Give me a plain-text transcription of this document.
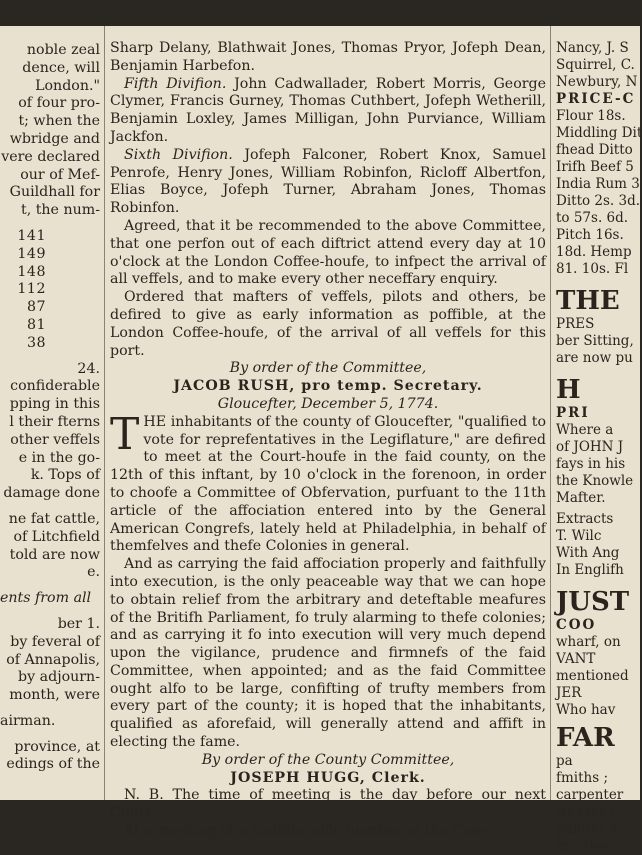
noble zeal
dence, will
London."
of four pro-
t; when the
wbridge and
vere declared
our of Mef-
Guildhall for
t, the num-
141
149
148
112
87
81
38
24.
confiderable
pping in this
l their fterns
other veffels
e in the go-
k. Tops of
damage done
ne fat cattle,
of Litchfield
told are now
e.
ents from all
ber 1.
by feveral of
of Annapolis,
by adjourn-
month, were
airman.
province, at
edings of the

Sharp Delany, Blathwait Jones, Thomas Pryor, Jofeph Dean, Benjamin Harbefon.

Fifth Divifion. John Cadwallader, Robert Morris, George Clymer, Francis Gurney, Thomas Cuthbert, Jofeph Wetherill, Benjamin Loxley, James Milligan, John Purviance, William Jackfon.

Sixth Divifion. Jofeph Falconer, Robert Knox, Samuel Penrofe, Henry Jones, William Robinfon, Ricloff Albertfon, Elias Boyce, Jofeph Turner, Abraham Jones, Thomas Robinfon.

Agreed, that it be recommended to the above Committee, that one perfon out of each diftrict attend every day at 10 o'clock at the London Coffee-houfe, to infpect the arrival of all veffels, and to make every other neceffary enquiry.

Ordered that mafters of veffels, pilots and others, be defired to give as early information as poffible, at the London Coffee-houfe, of the arrival of all veffels for this port.

By order of the Committee,
JACOB RUSH, pro temp. Secretary.
Gloucefter, December 5, 1774.

THE inhabitants of the county of Gloucefter, "qualified to vote for reprefentatives in the Legiflature," are defired to meet at the Court-houfe in the faid county, on the 12th of this inftant, by 10 o'clock in the forenoon, in order to choofe a Committee of Obfervation, purfuant to the 11th article of the affociation entered into by the General American Congrefs, lately held at Philadelphia, in behalf of themfelves and thefe Colonies in general.

And as carrying the faid affociation properly and faithfully into execution, is the only peaceable way that we can hope to obtain relief from the arbitrary and deteftable meafures of the Britifh Parliament, fo truly alarming to thefe colonies; and as carrying it fo into execution will very much depend upon the vigilance, prudence and firmnefs of the faid Committee, when appointed; and as the faid Committee ought alfo to be large, confifting of trufty members from every part of the county; it is hoped that the inhabitants, qualified as aforefaid, will generally attend and affift in electing the fame.

By order of the County Committee,
JOSEPH HUGG, Clerk.

N. B. The time of meeting is the day before our next Court.

At a meeting of a confiderable number of the Com-

Nancy, J. S
Squirrel, C.
Newbury, N
PRICE-C
Flour 18s.
Middling Dit
fhead Ditto
Irifh Beef 5
India Rum 3
Ditto 2s. 3d.
to 57s. 6d.
Pitch 16s.
18d. Hemp
81. 10s. Fl
THE
PRES
ber Sitting,
are now pu
H
PRI
Where a
of JOHN J
fays in his
the Knowle
Mafter.
Extracts
T. Wilc
With Ang
In Englifh
JUST
COO
wharf, on
VANT
mentioned
JER
Who hav
FAR
pa
fmiths ;
carpenter
weaver ;
painter a
er ; two
